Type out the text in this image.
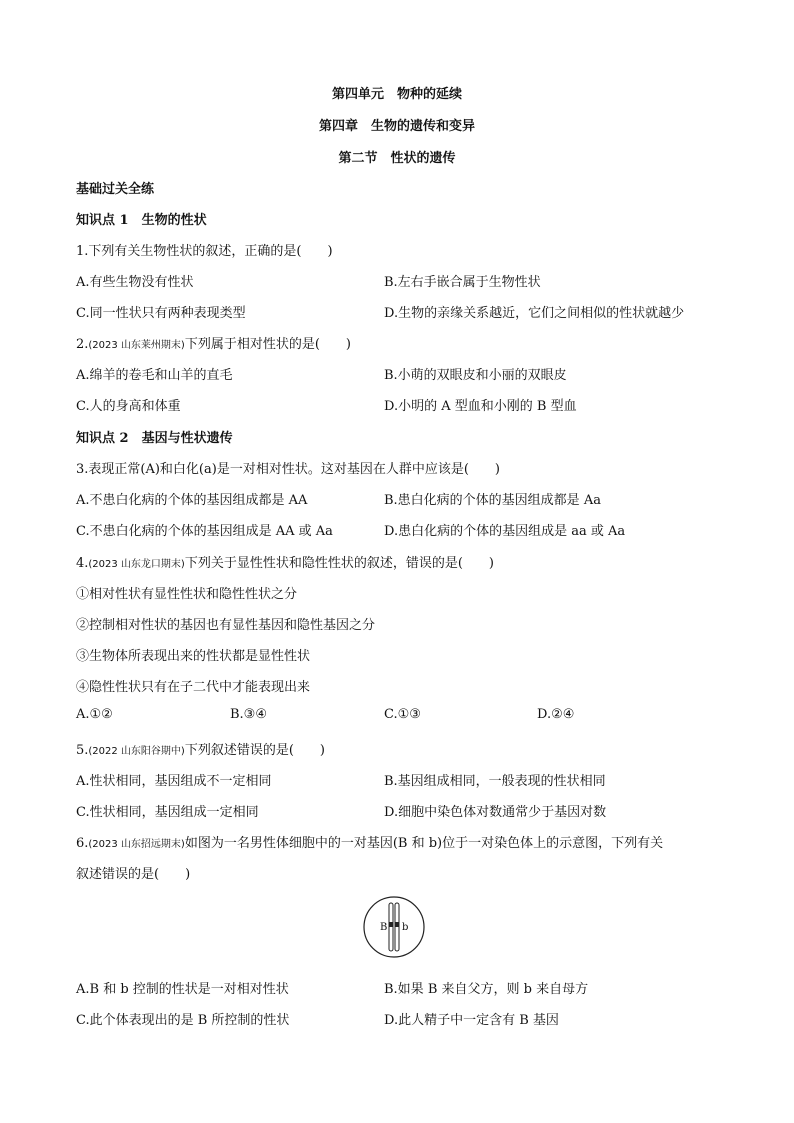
第四单元　物种的延续
第四章　生物的遗传和变异
第二节　性状的遗传
基础过关全练
知识点 1　生物的性状
1.下列有关生物性状的叙述，正确的是(　　)
A.有些生物没有性状	B.左右手嵌合属于生物性状
C.同一性状只有两种表现类型	D.生物的亲缘关系越近，它们之间相似的性状就越少
2.(2023 山东莱州期末)下列属于相对性状的是(　　)
A.绵羊的卷毛和山羊的直毛	B.小萌的双眼皮和小丽的双眼皮
C.人的身高和体重	D.小明的 A 型血和小刚的 B 型血
知识点 2　基因与性状遗传
3.表现正常(A)和白化(a)是一对相对性状。这对基因在人群中应该是(　　)
A.不患白化病的个体的基因组成都是 AA	B.患白化病的个体的基因组成都是 Aa
C.不患白化病的个体的基因组成是 AA 或 Aa	D.患白化病的个体的基因组成是 aa 或 Aa
4.(2023 山东龙口期末)下列关于显性性状和隐性性状的叙述，错误的是(　　)
①相对性状有显性性状和隐性性状之分
②控制相对性状的基因也有显性基因和隐性基因之分
③生物体所表现出来的性状都是显性性状
④隐性性状只有在子二代中才能表现出来
A.①②	B.③④	C.①③	D.②④
5.(2022 山东阳谷期中)下列叙述错误的是(　　)
A.性状相同，基因组成不一定相同	B.基因组成相同，一般表现的性状相同
C.性状相同，基因组成一定相同	D.细胞中染色体对数通常少于基因对数
6.(2023 山东招远期末)如图为一名男性体细胞中的一对基因(B 和 b)位于一对染色体上的示意图，下列有关
叙述错误的是(　　)
B b
A.B 和 b 控制的性状是一对相对性状	B.如果 B 来自父方，则 b 来自母方
C.此个体表现出的是 B 所控制的性状	D.此人精子中一定含有 B 基因
